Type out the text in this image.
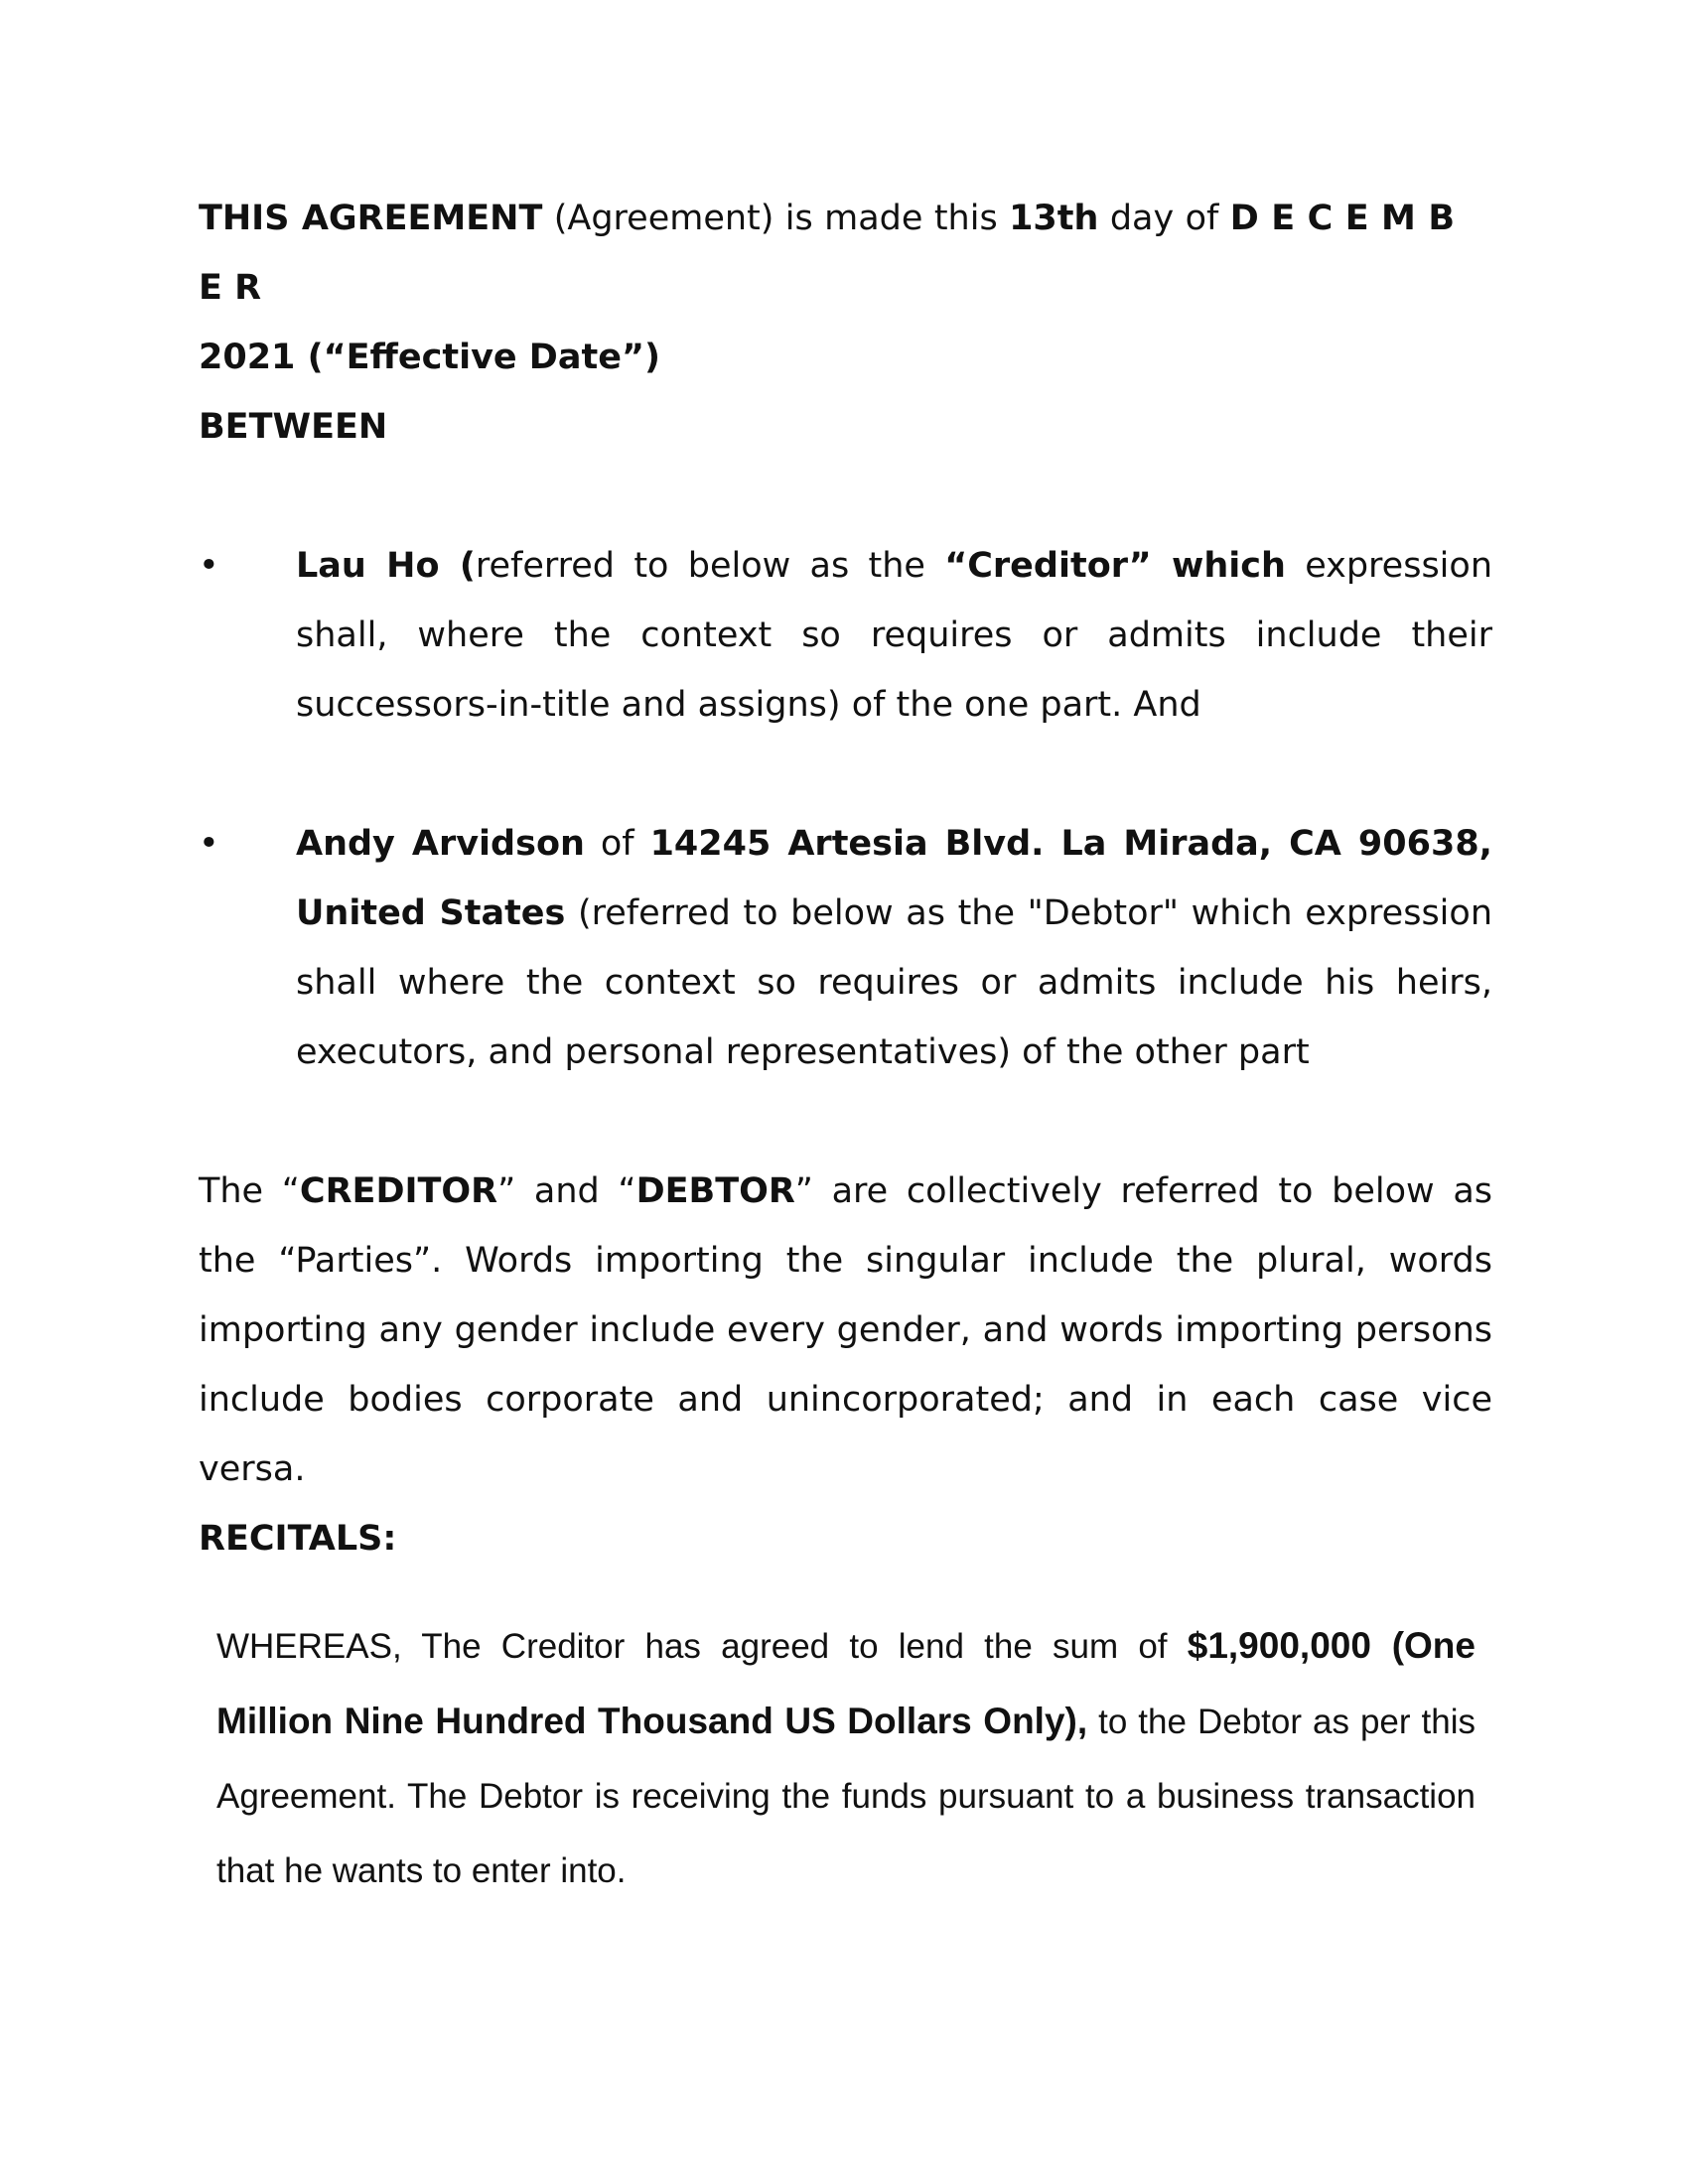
THIS AGREEMENT (Agreement) is made this 13th day of D E C E M B E R
2021 (“Effective Date”)
BETWEEN
• Lau Ho (referred to below as the “Creditor” which expression shall, where the context so requires or admits include their successors-in-title and assigns) of the one part. And
• Andy Arvidson of 14245 Artesia Blvd. La Mirada, CA 90638, United States (referred to below as the "Debtor" which expression shall where the context so requires or admits include his heirs, executors, and personal representatives) of the other part
The “CREDITOR” and “DEBTOR” are collectively referred to below as the “Parties”. Words importing the singular include the plural, words importing any gender include every gender, and words importing persons include bodies corporate and unincorporated; and in each case vice versa.
RECITALS:
WHEREAS, The Creditor has agreed to lend the sum of $1,900,000 (One Million Nine Hundred Thousand US Dollars Only), to the Debtor as per this Agreement. The Debtor is receiving the funds pursuant to a business transaction that he wants to enter into.
